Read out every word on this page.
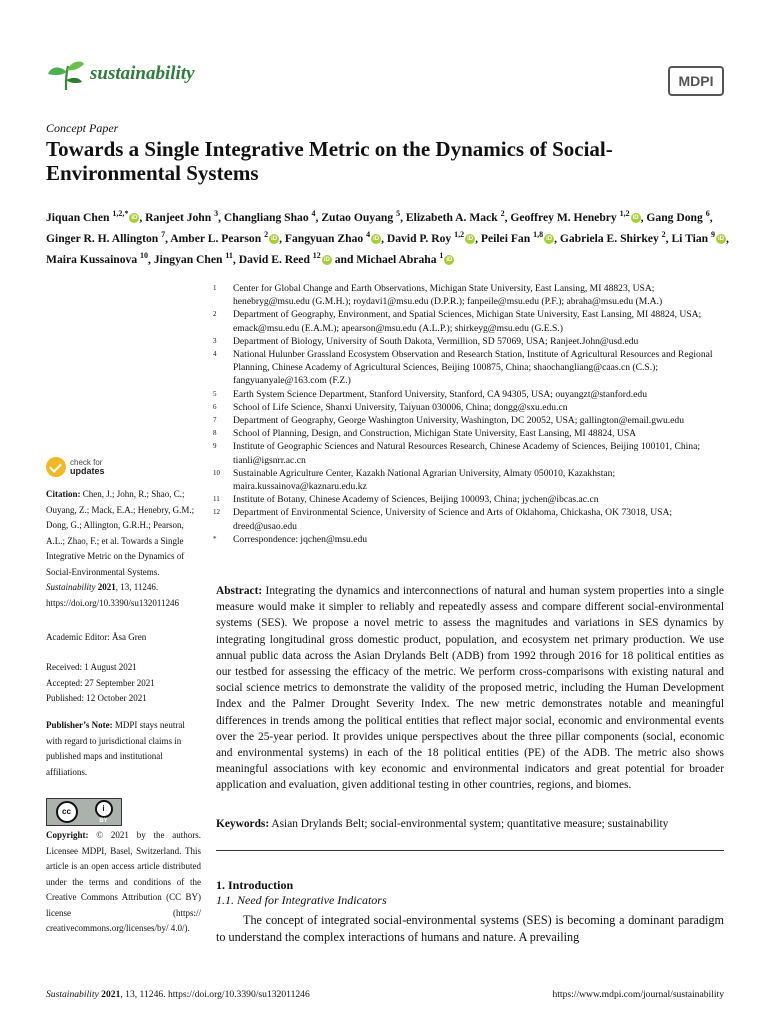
sustainability	MDPI
Concept Paper
Towards a Single Integrative Metric on the Dynamics of Social-Environmental Systems
Jiquan Chen $^{1,2,*}$iD , Ranjeet John $^3$, Changliang Shao $^4$, Zutao Ouyang $^5$, Elizabeth A. Mack $^2$, Geoffrey M. Henebry $^{1,2}$iD , Gang Dong $^6$, Ginger R. H. Allington $^7$, Amber L. Pearson $^2$iD , Fangyuan Zhao $^4$iD , David P. Roy $^{1,2}$iD , Peilei Fan $^{1,8}$iD , Gabriela E. Shirkey $^2$, Li Tian $^9$iD , Maira Kussainova $^{10}$, Jingyan Chen $^{11}$, David E. Reed $^{12}$iD and Michael Abraha $^1$iD
1	Center for Global Change and Earth Observations, Michigan State University, East Lansing, MI 48823, USA; henebryg@msu.edu (G.M.H.); roydavi1@msu.edu (D.P.R.); fanpeile@msu.edu (P.F.); abraha@msu.edu (M.A.)
2	Department of Geography, Environment, and Spatial Sciences, Michigan State University, East Lansing, MI 48824, USA; emack@msu.edu (E.A.M.); apearson@msu.edu (A.L.P.); shirkeyg@msu.edu (G.E.S.)
3	Department of Biology, University of South Dakota, Vermillion, SD 57069, USA; Ranjeet.John@usd.edu
4	National Hulunber Grassland Ecosystem Observation and Research Station, Institute of Agricultural Resources and Regional Planning, Chinese Academy of Agricultural Sciences, Beijing 100875, China; shaochangliang@caas.cn (C.S.); fangyuanyale@163.com (F.Z.)
5	Earth System Science Department, Stanford University, Stanford, CA 94305, USA; ouyangzt@stanford.edu
6	School of Life Science, Shanxi University, Taiyuan 030006, China; dongg@sxu.edu.cn
7	Department of Geography, George Washington University, Washington, DC 20052, USA; gallington@email.gwu.edu
8	School of Planning, Design, and Construction, Michigan State University, East Lansing, MI 48824, USA
9	Institute of Geographic Sciences and Natural Resources Research, Chinese Academy of Sciences, Beijing 100101, China; tianli@igsnrr.ac.cn
10	Sustainable Agriculture Center, Kazakh National Agrarian University, Almaty 050010, Kazakhstan; maira.kussainova@kaznaru.edu.kz
11	Institute of Botany, Chinese Academy of Sciences, Beijing 100093, China; jychen@ibcas.ac.cn
12	Department of Environmental Science, University of Science and Arts of Oklahoma, Chickasha, OK 73018, USA; dreed@usao.edu
*	Correspondence: jqchen@msu.edu
check for
updates
Citation: Chen, J.; John, R.; Shao, C.; Ouyang, Z.; Mack, E.A.; Henebry, G.M.; Dong, G.; Allington, G.R.H.; Pearson, A.L.; Zhao, F.; et al. Towards a Single Integrative Metric on the Dynamics of Social-Environmental Systems. Sustainability 2021, 13, 11246. https://doi.org/10.3390/su132011246
Academic Editor: Åsa Gren
Received: 1 August 2021
Accepted: 27 September 2021
Published: 12 October 2021
Publisher’s Note: MDPI stays neutral with regard to jurisdictional claims in published maps and institutional affiliations.
cc	i
BY
Copyright: © 2021 by the authors. Licensee MDPI, Basel, Switzerland. This article is an open access article distributed under the terms and conditions of the Creative Commons Attribution (CC BY) license (https:// creativecommons.org/licenses/by/ 4.0/).
Abstract: Integrating the dynamics and interconnections of natural and human system properties into a single measure would make it simpler to reliably and repeatedly assess and compare different social-environmental systems (SES). We propose a novel metric to assess the magnitudes and variations in SES dynamics by integrating longitudinal gross domestic product, population, and ecosystem net primary production. We use annual public data across the Asian Drylands Belt (ADB) from 1992 through 2016 for 18 political entities as our testbed for assessing the efficacy of the metric. We perform cross-comparisons with existing natural and social science metrics to demonstrate the validity of the proposed metric, including the Human Development Index and the Palmer Drought Severity Index. The new metric demonstrates notable and meaningful differences in trends among the political entities that reflect major social, economic and environmental events over the 25-year period. It provides unique perspectives about the three pillar components (social, economic and environmental systems) in each of the 18 political entities (PE) of the ADB. The metric also shows meaningful associations with key economic and environmental indicators and great potential for broader application and evaluation, given additional testing in other countries, regions, and biomes.
Keywords: Asian Drylands Belt; social-environmental system; quantitative measure; sustainability
1. Introduction
1.1. Need for Integrative Indicators
The concept of integrated social-environmental systems (SES) is becoming a dominant paradigm to understand the complex interactions of humans and nature. A prevailing
Sustainability 2021, 13, 11246. https://doi.org/10.3390/su132011246	https://www.mdpi.com/journal/sustainability
